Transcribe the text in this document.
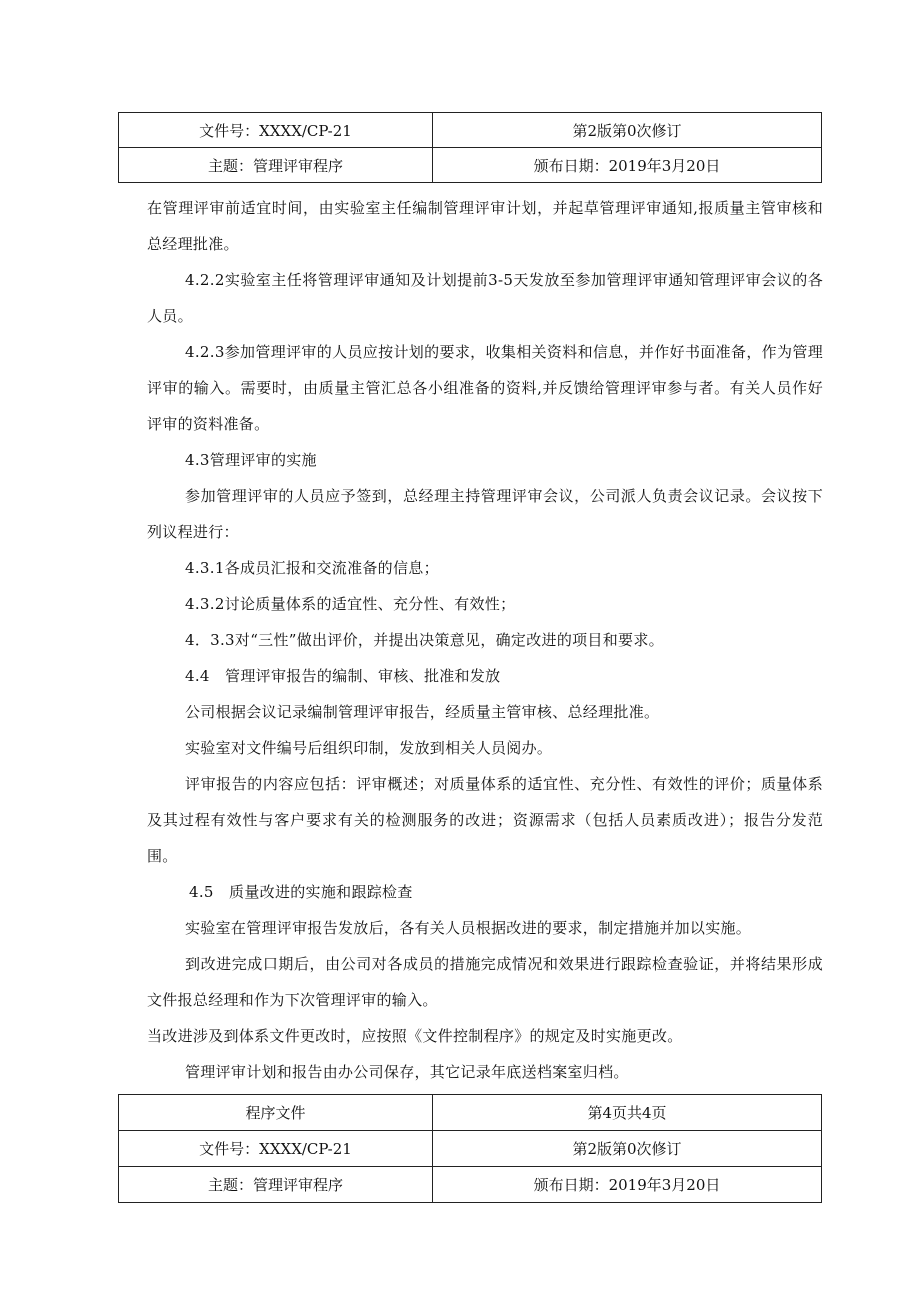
文件号：XXXX/CP-21	第2版第0次修订
主题：管理评审程序	颁布日期：2019年3月20日

在管理评审前适宜时间，由实验室主任编制管理评审计划，并起草管理评审通知,报质量主管审核和总经理批准。

4.2.2实验室主任将管理评审通知及计划提前3-5天发放至参加管理评审通知管理评审会议的各人员。

4.2.3参加管理评审的人员应按计划的要求，收集相关资料和信息，并作好书面准备，作为管理评审的输入。需要时，由质量主管汇总各小组准备的资料,并反馈给管理评审参与者。有关人员作好评审的资料准备。

4.3管理评审的实施

参加管理评审的人员应予签到，总经理主持管理评审会议，公司派人负责会议记录。会议按下列议程进行：

4.3.1各成员汇报和交流准备的信息；

4.3.2讨论质量体系的适宜性、充分性、有效性；

4．3.3对“三性”做出评价，并提出决策意见，确定改进的项目和要求。

4.4　管理评审报告的编制、审核、批准和发放

公司根据会议记录编制管理评审报告，经质量主管审核、总经理批准。

实验室对文件编号后组织印制，发放到相关人员阅办。

评审报告的内容应包括：评审概述；对质量体系的适宜性、充分性、有效性的评价；质量体系及其过程有效性与客户要求有关的检测服务的改进；资源需求（包括人员素质改进）；报告分发范围。

4.5　质量改进的实施和跟踪检查

实验室在管理评审报告发放后，各有关人员根据改进的要求，制定措施并加以实施。

到改进完成口期后，由公司对各成员的措施完成情况和效果进行跟踪检查验证，并将结果形成文件报总经理和作为下次管理评审的输入。

当改进涉及到体系文件更改时，应按照《文件控制程序》的规定及时实施更改。

管理评审计划和报告由办公司保存，其它记录年底送档案室归档。

程序文件	第4页共4页
文件号：XXXX/CP-21	第2版第0次修订
主题：管理评审程序	颁布日期：2019年3月20日
